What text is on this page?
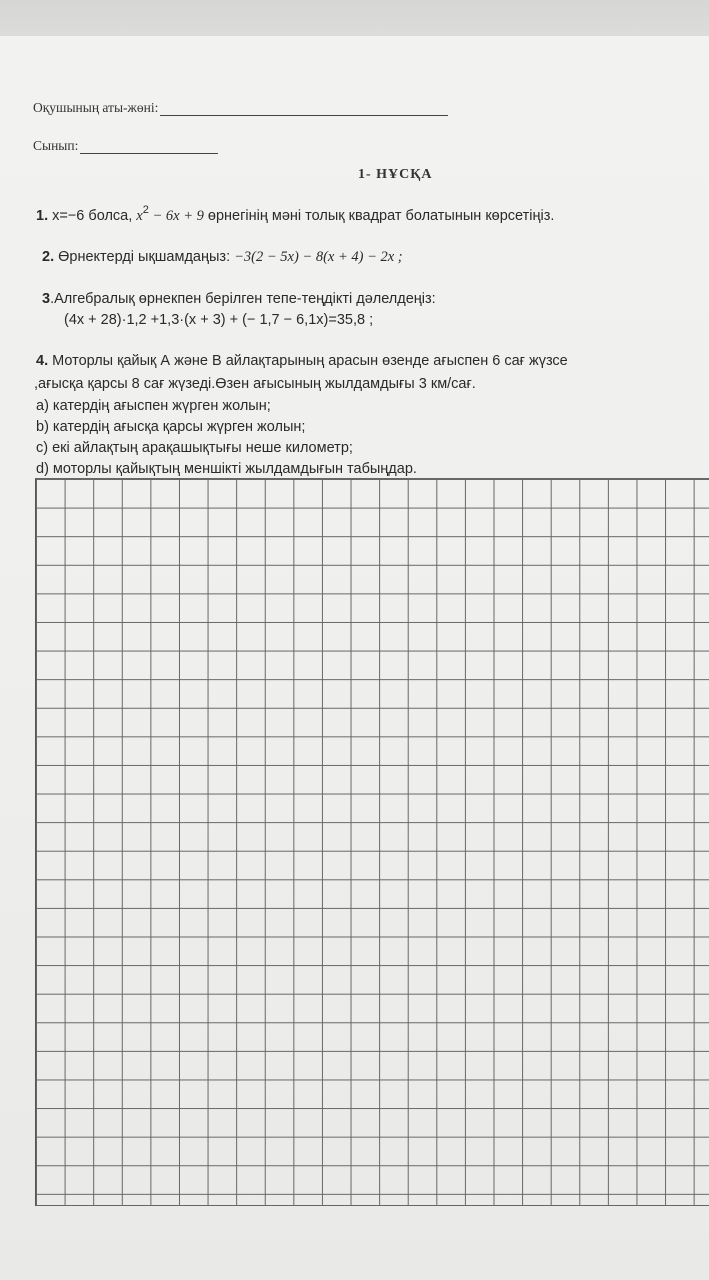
Оқушының аты-жөні:
Сынып:
1- НҰСҚА
1. x=−6 болса, $x^2 - 6x + 9$ өрнегінің мәні толық квадрат болатынын көрсетіңіз.
2. Өрнектерді ықшамдаңыз: −3(2 − 5x) − 8(x + 4) − 2x ;
3.Алгебралық өрнекпен берілген тепе-теңдікті дәлелдеңіз:
(4x + 28)·1,2 +1,3·(x + 3) + (− 1,7 − 6,1x)=35,8 ;
4. Моторлы қайық А және В айлақтарының арасын өзенде ағыспен 6 сағ жүзсе
,ағысқа қарсы 8 сағ жүзеді.Өзен ағысының жылдамдығы 3 км/сағ.
а) катердің ағыспен жүрген жолын;
b) катердің ағысқа қарсы жүрген жолын;
c) екі айлақтың арақашықтығы неше километр;
d) моторлы қайықтың меншікті жылдамдығын табыңдар.
